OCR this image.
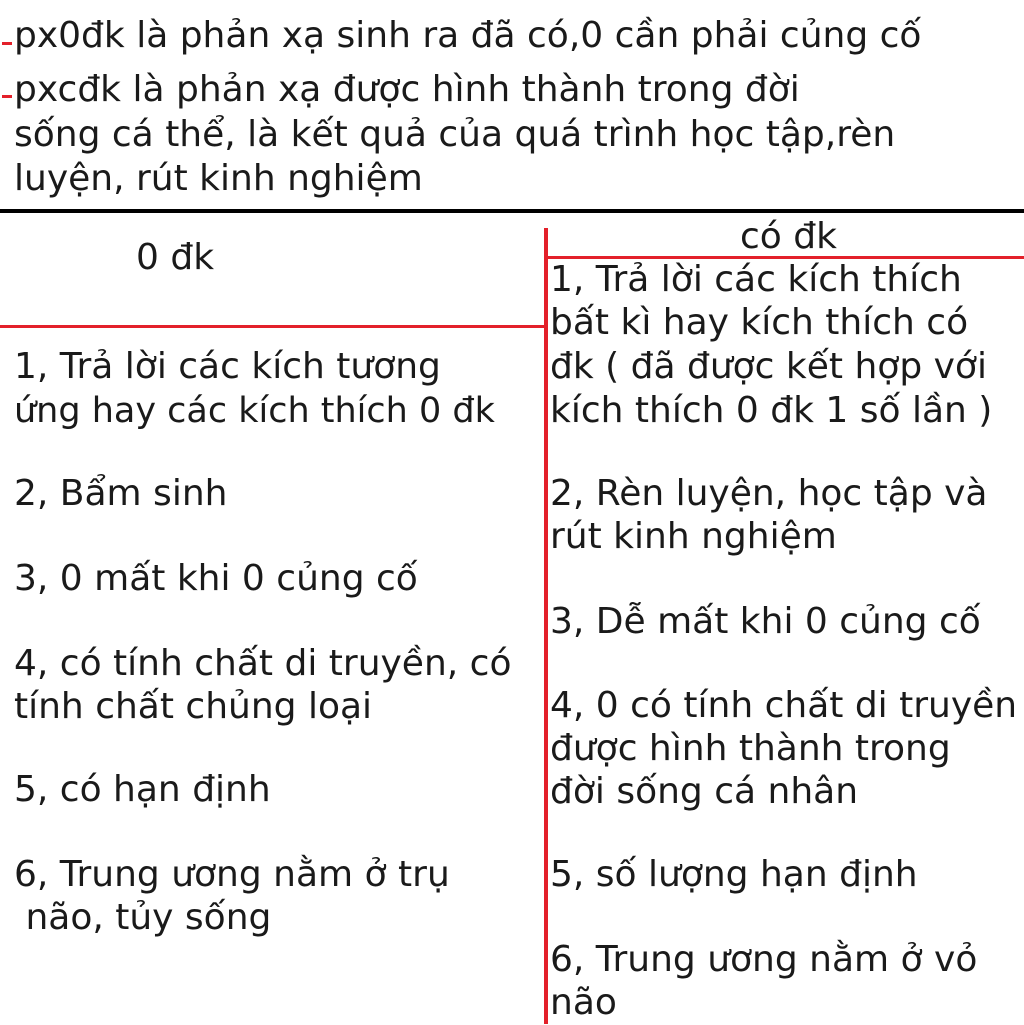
px0đk là phản xạ sinh ra đã có,0 cần phải củng cố
pxcđk là phản xạ được hình thành trong đời
sống cá thể, là kết quả của quá trình học tập,rèn
luyện, rút kinh nghiệm
0 đk
có đk
1, Trả lời các kích tương
ứng hay các kích thích 0 đk
2, Bẩm sinh
3, 0 mất khi 0 củng cố
4, có tính chất di truyền, có
tính chất chủng loại
5, có hạn định
6, Trung ương nằm ở trụ
não, tủy sống
1, Trả lời các kích thích
bất kì hay kích thích có
đk ( đã được kết hợp với
kích thích 0 đk 1 số lần )
2, Rèn luyện, học tập và
rút kinh nghiệm
3, Dễ mất khi 0 củng cố
4, 0 có tính chất di truyền
được hình thành trong
đời sống cá nhân
5, số lượng hạn định
6, Trung ương nằm ở vỏ
não
